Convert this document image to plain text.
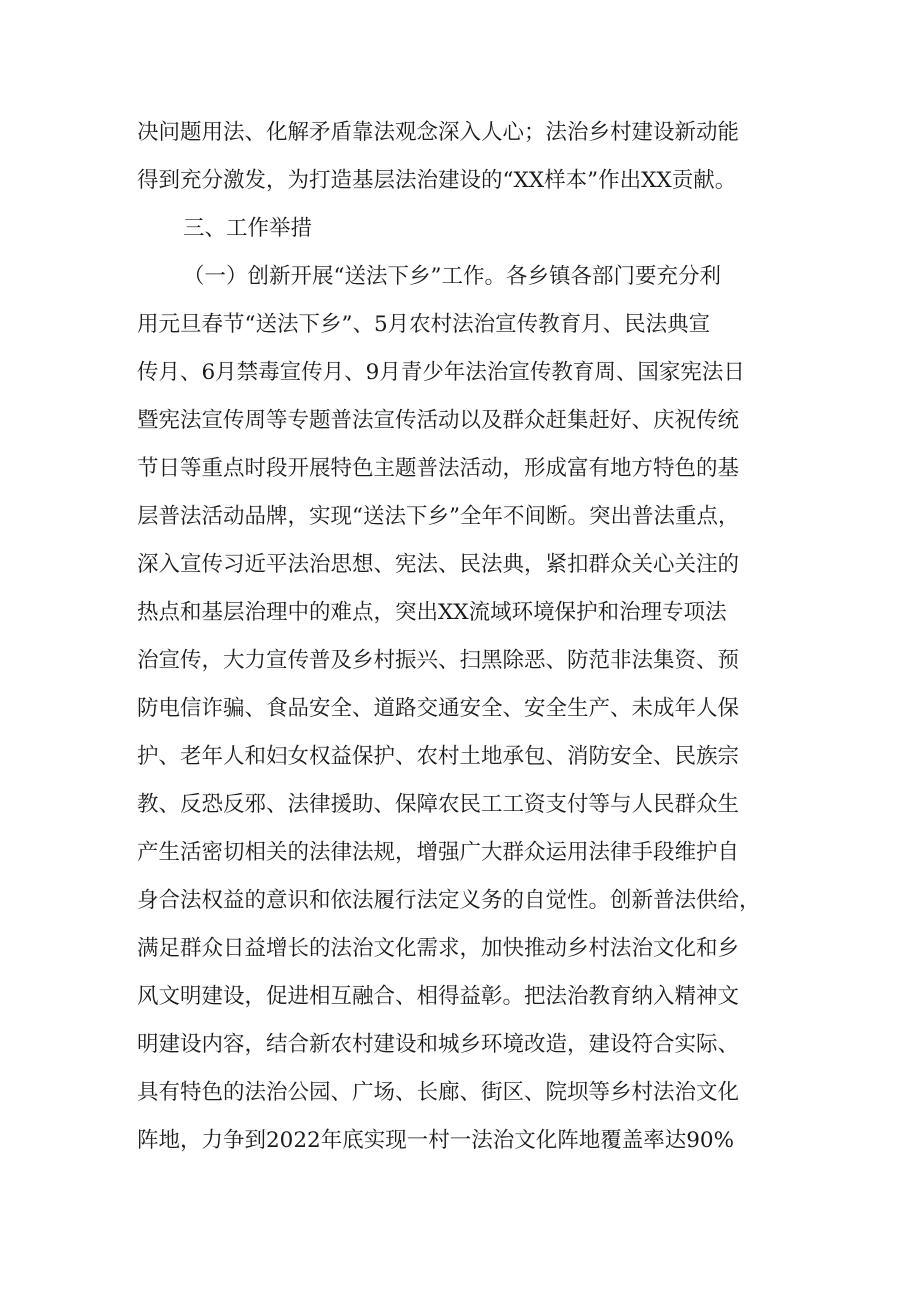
决问题用法、化解矛盾靠法观念深入人心；法治乡村建设新动能
得到充分激发，为打造基层法治建设的“XX样本”作出XX贡献。
三、工作举措
（一）创新开展“送法下乡”工作。各乡镇各部门要充分利
用元旦春节“送法下乡”、5月农村法治宣传教育月、民法典宣
传月、6月禁毒宣传月、9月青少年法治宣传教育周、国家宪法日
暨宪法宣传周等专题普法宣传活动以及群众赶集赶好、庆祝传统
节日等重点时段开展特色主题普法活动，形成富有地方特色的基
层普法活动品牌，实现“送法下乡”全年不间断。突出普法重点，
深入宣传习近平法治思想、宪法、民法典，紧扣群众关心关注的
热点和基层治理中的难点，突出XX流域环境保护和治理专项法
治宣传，大力宣传普及乡村振兴、扫黑除恶、防范非法集资、预
防电信诈骗、食品安全、道路交通安全、安全生产、未成年人保
护、老年人和妇女权益保护、农村土地承包、消防安全、民族宗
教、反恐反邪、法律援助、保障农民工工资支付等与人民群众生
产生活密切相关的法律法规，增强广大群众运用法律手段维护自
身合法权益的意识和依法履行法定义务的自觉性。创新普法供给，
满足群众日益增长的法治文化需求，加快推动乡村法治文化和乡
风文明建设，促进相互融合、相得益彰。把法治教育纳入精神文
明建设内容，结合新农村建设和城乡环境改造，建设符合实际、
具有特色的法治公园、广场、长廊、街区、院坝等乡村法治文化
阵地，力争到2022年底实现一村一法治文化阵地覆盖率达90%
